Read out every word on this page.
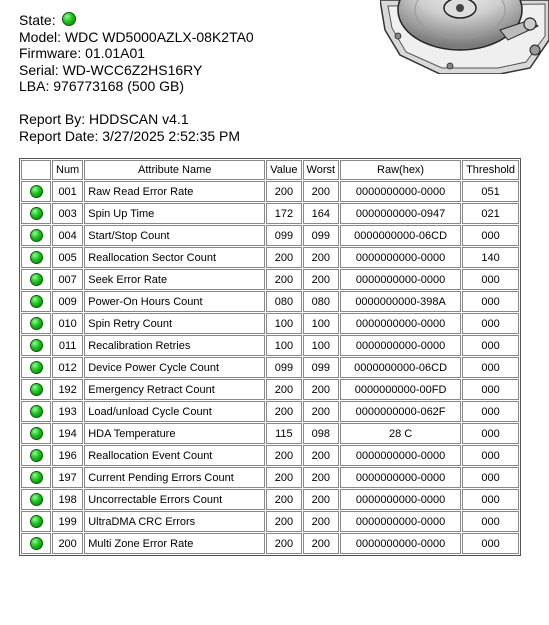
State:
Model: WDC WD5000AZLX-08K2TA0
Firmware: 01.01A01
Serial: WD-WCC6Z2HS16RY
LBA: 976773168 (500 GB)
Report By: HDDSCAN v4.1
Report Date: 3/27/2025 2:52:35 PM
	Num	Attribute Name	Value	Worst	Raw(hex)	Threshold
	001	Raw Read Error Rate	200	200	0000000000-0000	051
	003	Spin Up Time	172	164	0000000000-0947	021
	004	Start/Stop Count	099	099	0000000000-06CD	000
	005	Reallocation Sector Count	200	200	0000000000-0000	140
	007	Seek Error Rate	200	200	0000000000-0000	000
	009	Power-On Hours Count	080	080	0000000000-398A	000
	010	Spin Retry Count	100	100	0000000000-0000	000
	011	Recalibration Retries	100	100	0000000000-0000	000
	012	Device Power Cycle Count	099	099	0000000000-06CD	000
	192	Emergency Retract Count	200	200	0000000000-00FD	000
	193	Load/unload Cycle Count	200	200	0000000000-062F	000
	194	HDA Temperature	115	098	28 C	000
	196	Reallocation Event Count	200	200	0000000000-0000	000
	197	Current Pending Errors Count	200	200	0000000000-0000	000
	198	Uncorrectable Errors Count	200	200	0000000000-0000	000
	199	UltraDMA CRC Errors	200	200	0000000000-0000	000
	200	Multi Zone Error Rate	200	200	0000000000-0000	000
